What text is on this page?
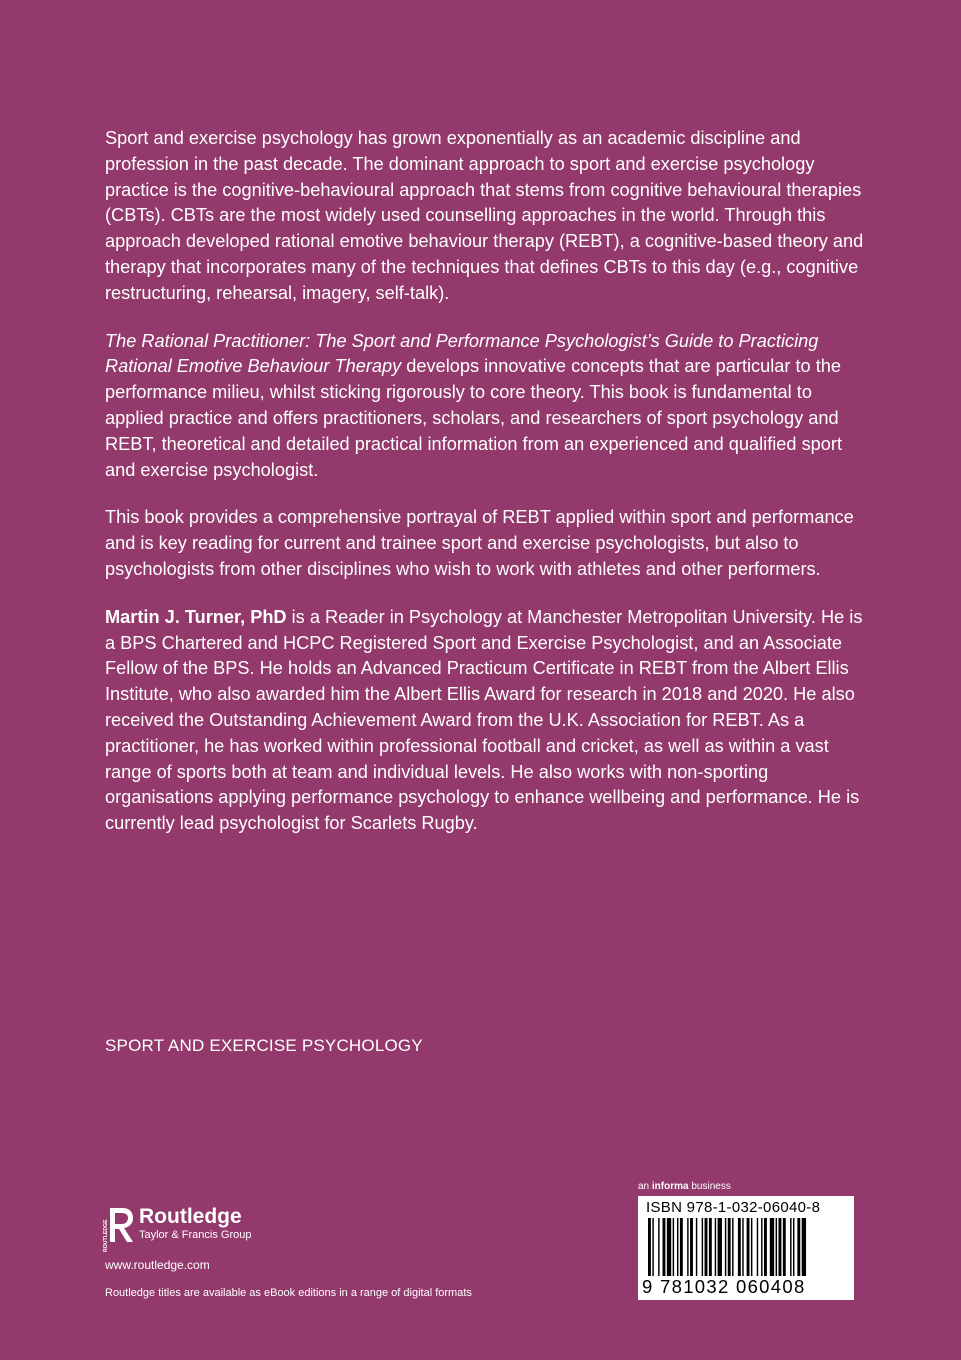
Sport and exercise psychology has grown exponentially as an academic discipline and profession in the past decade. The dominant approach to sport and exercise psychology practice is the cognitive-behavioural approach that stems from cognitive behavioural therapies (CBTs). CBTs are the most widely used counselling approaches in the world. Through this approach developed rational emotive behaviour therapy (REBT), a cognitive-based theory and therapy that incorporates many of the techniques that defines CBTs to this day (e.g., cognitive restructuring, rehearsal, imagery, self-talk).

The Rational Practitioner: The Sport and Performance Psychologist’s Guide to Practicing Rational Emotive Behaviour Therapy develops innovative concepts that are particular to the performance milieu, whilst sticking rigorously to core theory. This book is fundamental to applied practice and offers practitioners, scholars, and researchers of sport psychology and REBT, theoretical and detailed practical information from an experienced and qualified sport and exercise psychologist.

This book provides a comprehensive portrayal of REBT applied within sport and performance and is key reading for current and trainee sport and exercise psychologists, but also to psychologists from other disciplines who wish to work with athletes and other performers.

Martin J. Turner, PhD is a Reader in Psychology at Manchester Metropolitan University. He is a BPS Chartered and HCPC Registered Sport and Exercise Psychologist, and an Associate Fellow of the BPS. He holds an Advanced Practicum Certificate in REBT from the Albert Ellis Institute, who also awarded him the Albert Ellis Award for research in 2018 and 2020. He also received the Outstanding Achievement Award from the U.K. Association for REBT. As a practitioner, he has worked within professional football and cricket, as well as within a vast range of sports both at team and individual levels. He also works with non-sporting organisations applying performance psychology to enhance wellbeing and performance. He is currently lead psychologist for Scarlets Rugby.

SPORT AND EXERCISE PSYCHOLOGY
ROUTLEDGE
Routledge
Taylor & Francis Group
www.routledge.com
Routledge titles are available as eBook editions in a range of digital formats
an informa business
ISBN 978-1-032-06040-8
9 781032 060408
